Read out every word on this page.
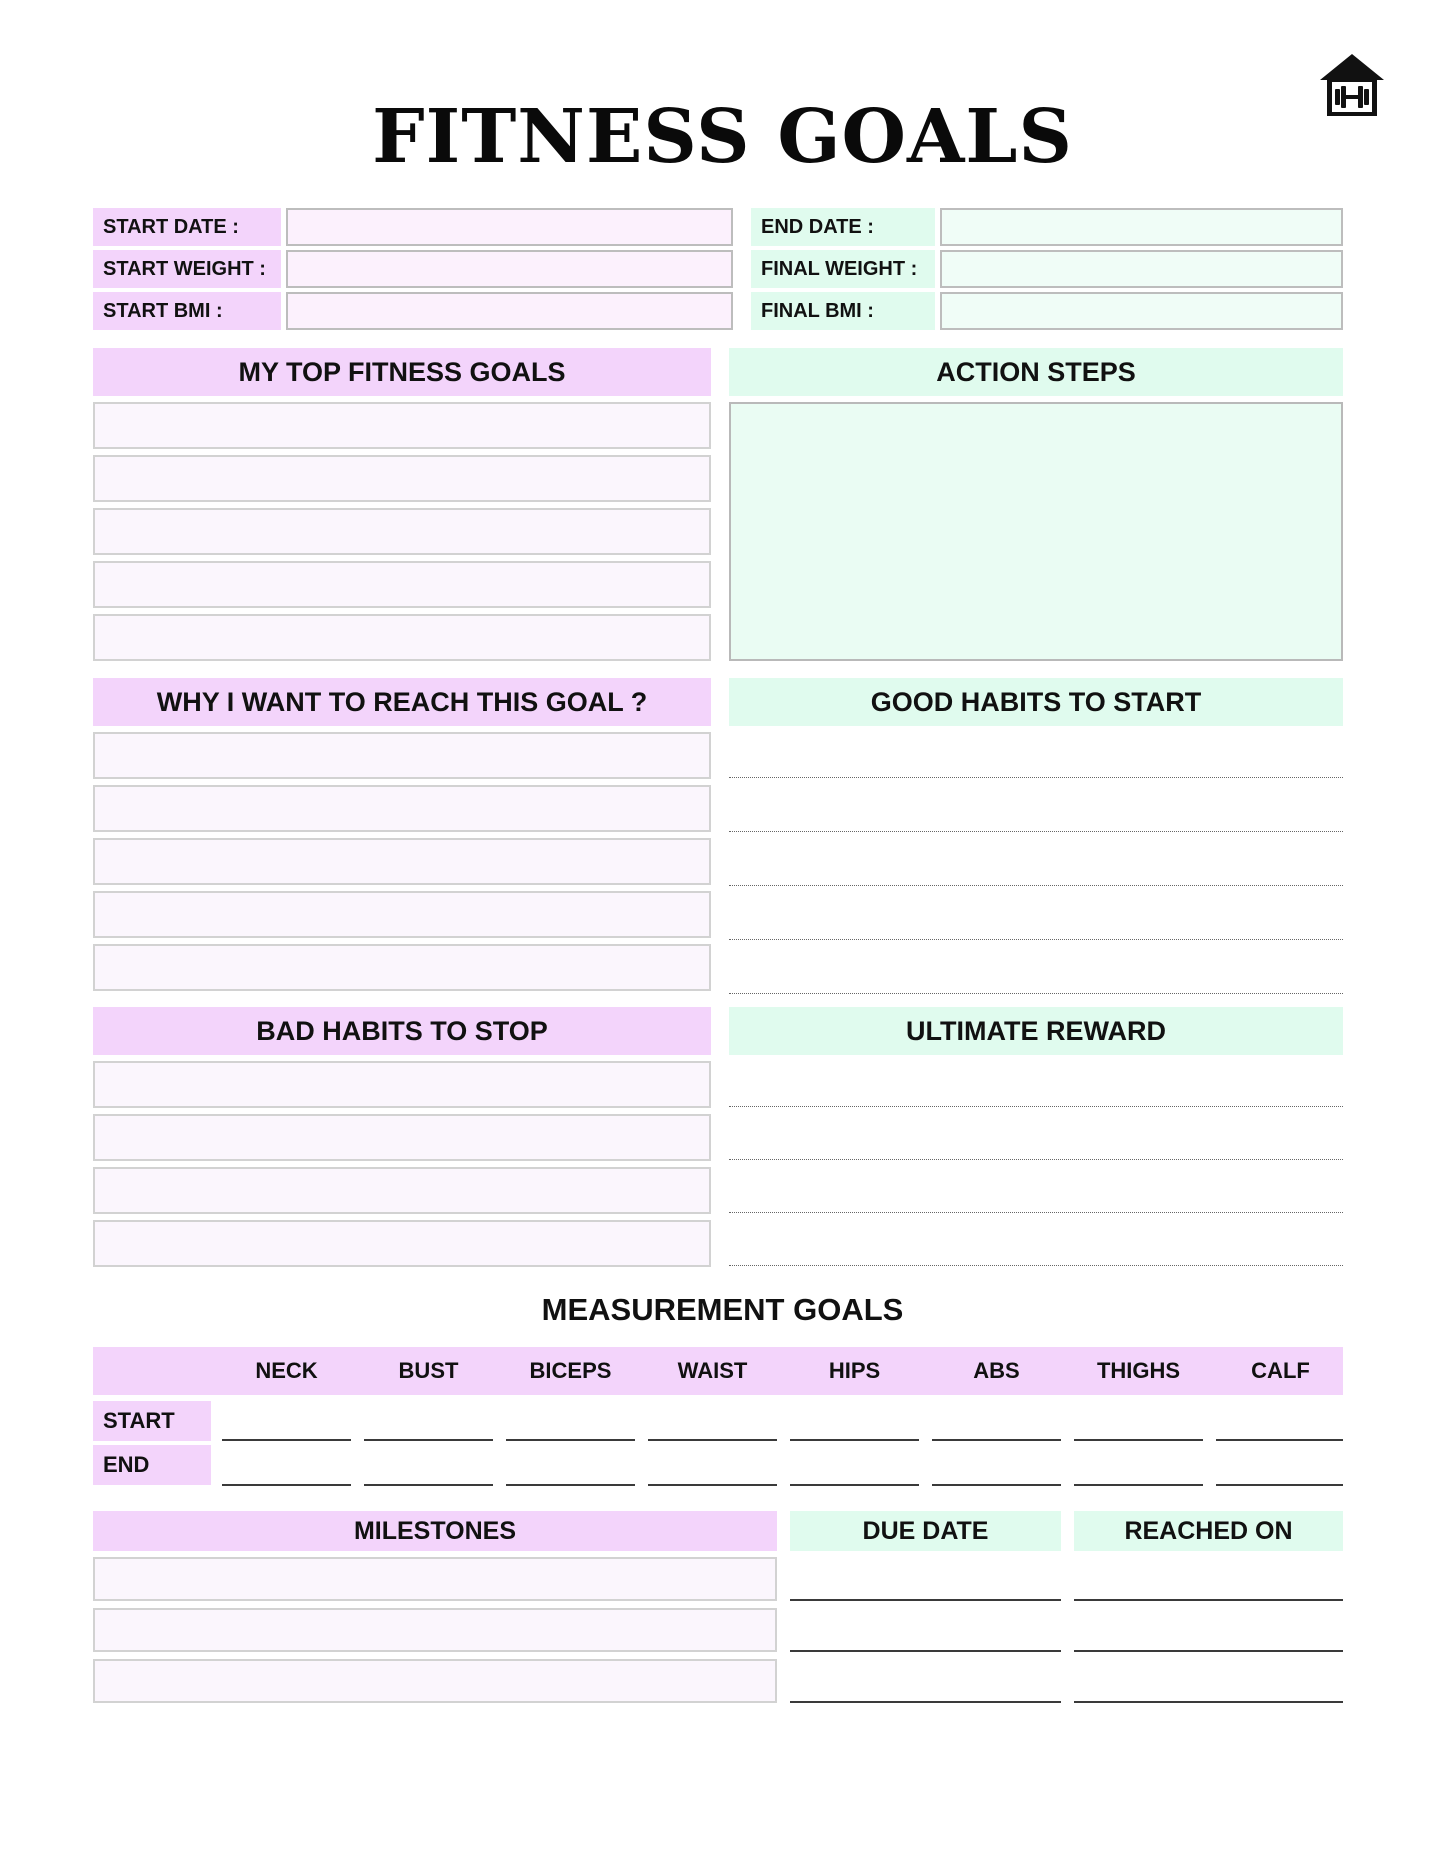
FITNESS GOALS
START DATE :
START WEIGHT :
START BMI :
END DATE :
FINAL WEIGHT :
FINAL BMI :
MY TOP FITNESS GOALS	ACTION STEPS
WHY I WANT TO REACH THIS GOAL ?	GOOD HABITS TO START
BAD HABITS TO STOP	ULTIMATE REWARD
MEASUREMENT GOALS
NECK	BUST	BICEPS	WAIST	HIPS	ABS	THIGHS	CALF
START
END
MILESTONES	DUE DATE	REACHED ON
